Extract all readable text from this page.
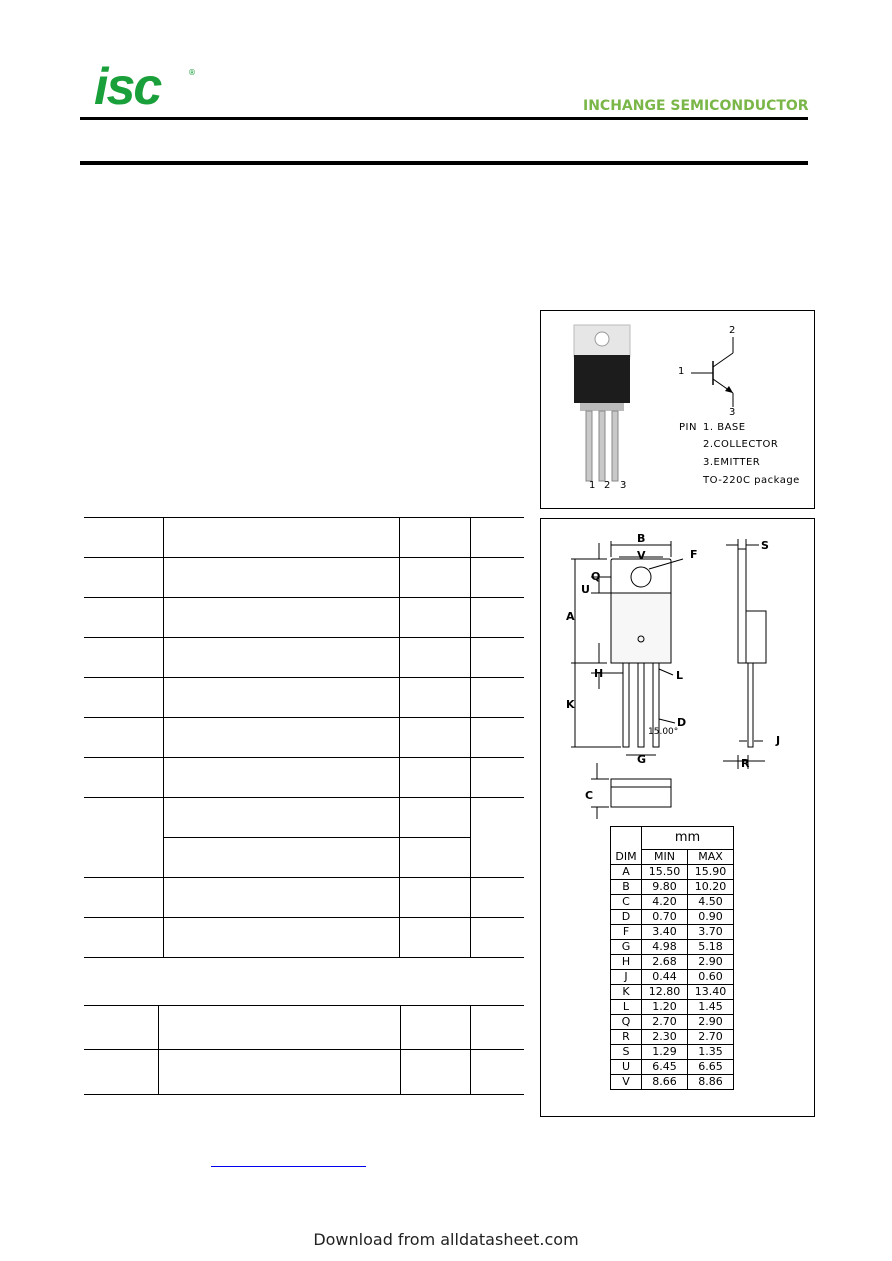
isc	®
INCHANGE SEMICONDUCTOR
1 2 3
2
1
3
PIN 1. BASE
2.COLLECTOR
3.EMITTER
TO-220C package
B
V	F
S
U
Q
A
H	L
K
D
15.00°
G
J
R
C
DIM	mm	
	MIN	MAX
A	15.50	15.90
B	9.80	10.20
C	4.20	4.50
D	0.70	0.90
F	3.40	3.70
G	4.98	5.18
H	2.68	2.90
J	0.44	0.60
K	12.80	13.40
L	1.20	1.45
Q	2.70	2.90
R	2.30	2.70
S	1.29	1.35
U	6.45	6.65
V	8.66	8.86
Download from alldatasheet.com
